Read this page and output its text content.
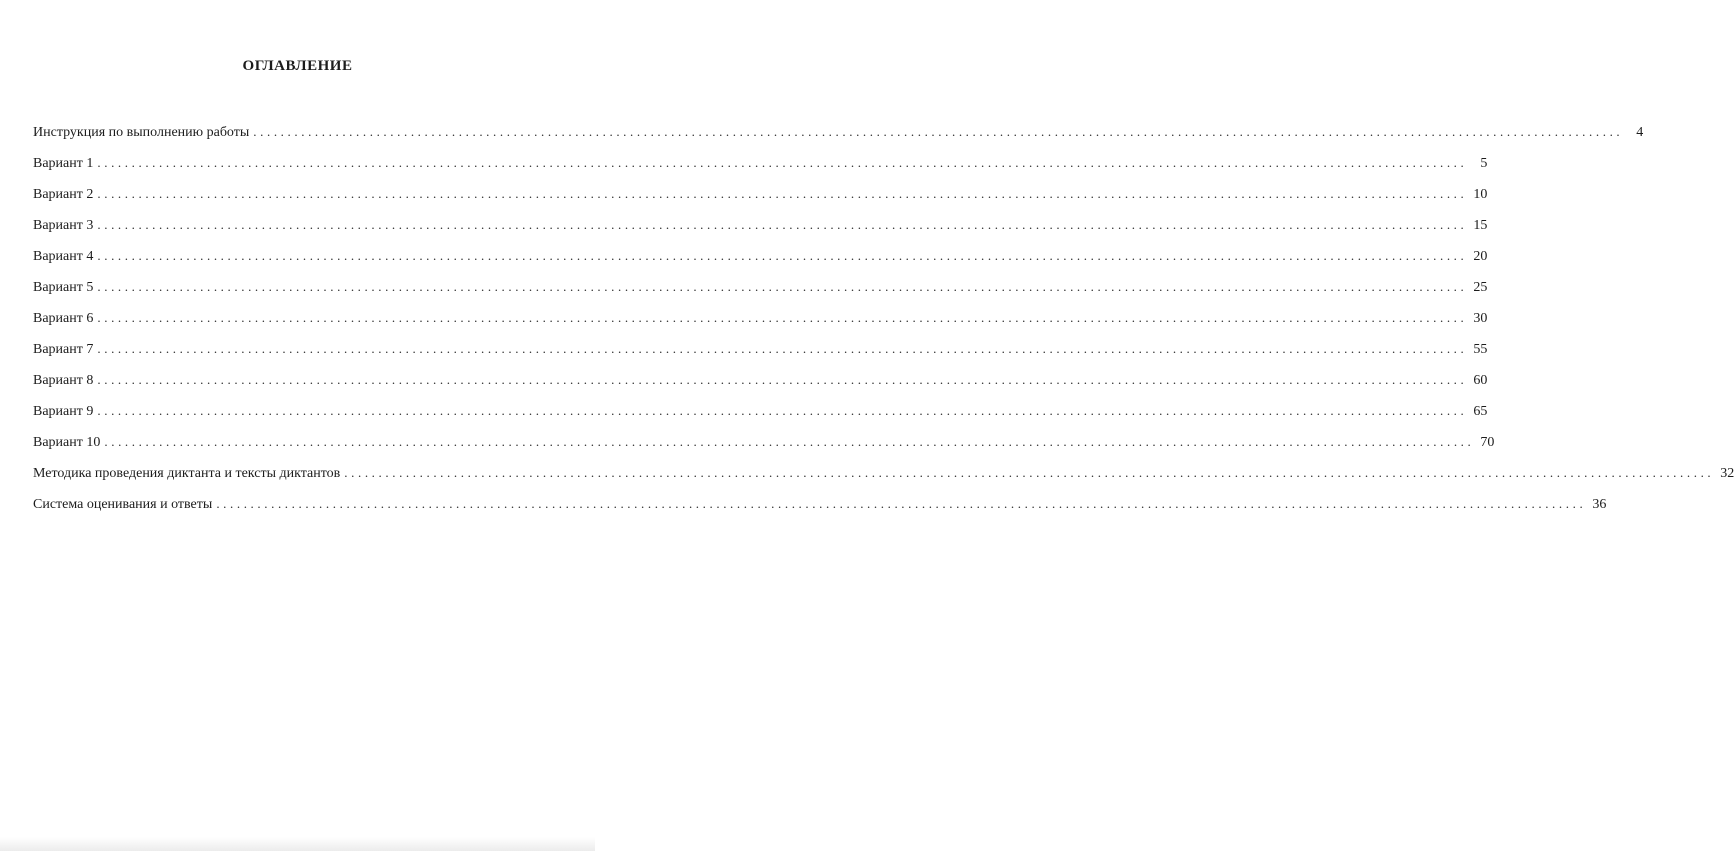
ОГЛАВЛЕНИЕ
Инструкция по выполнению работы ........................................................................................................................................................................................................ 4
Вариант 1 ........................................................................................................................................................................................................ 5
Вариант 2 ........................................................................................................................................................................................................ 10
Вариант 3 ........................................................................................................................................................................................................ 15
Вариант 4 ........................................................................................................................................................................................................ 20
Вариант 5 ........................................................................................................................................................................................................ 25
Вариант 6 ........................................................................................................................................................................................................ 30
Вариант 7 ........................................................................................................................................................................................................ 55
Вариант 8 ........................................................................................................................................................................................................ 60
Вариант 9 ........................................................................................................................................................................................................ 65
Вариант 10 ........................................................................................................................................................................................................ 70
Методика проведения диктанта и тексты диктантов ........................................................................................................................................................................................................ 32
Система оценивания и ответы ........................................................................................................................................................................................................ 36
